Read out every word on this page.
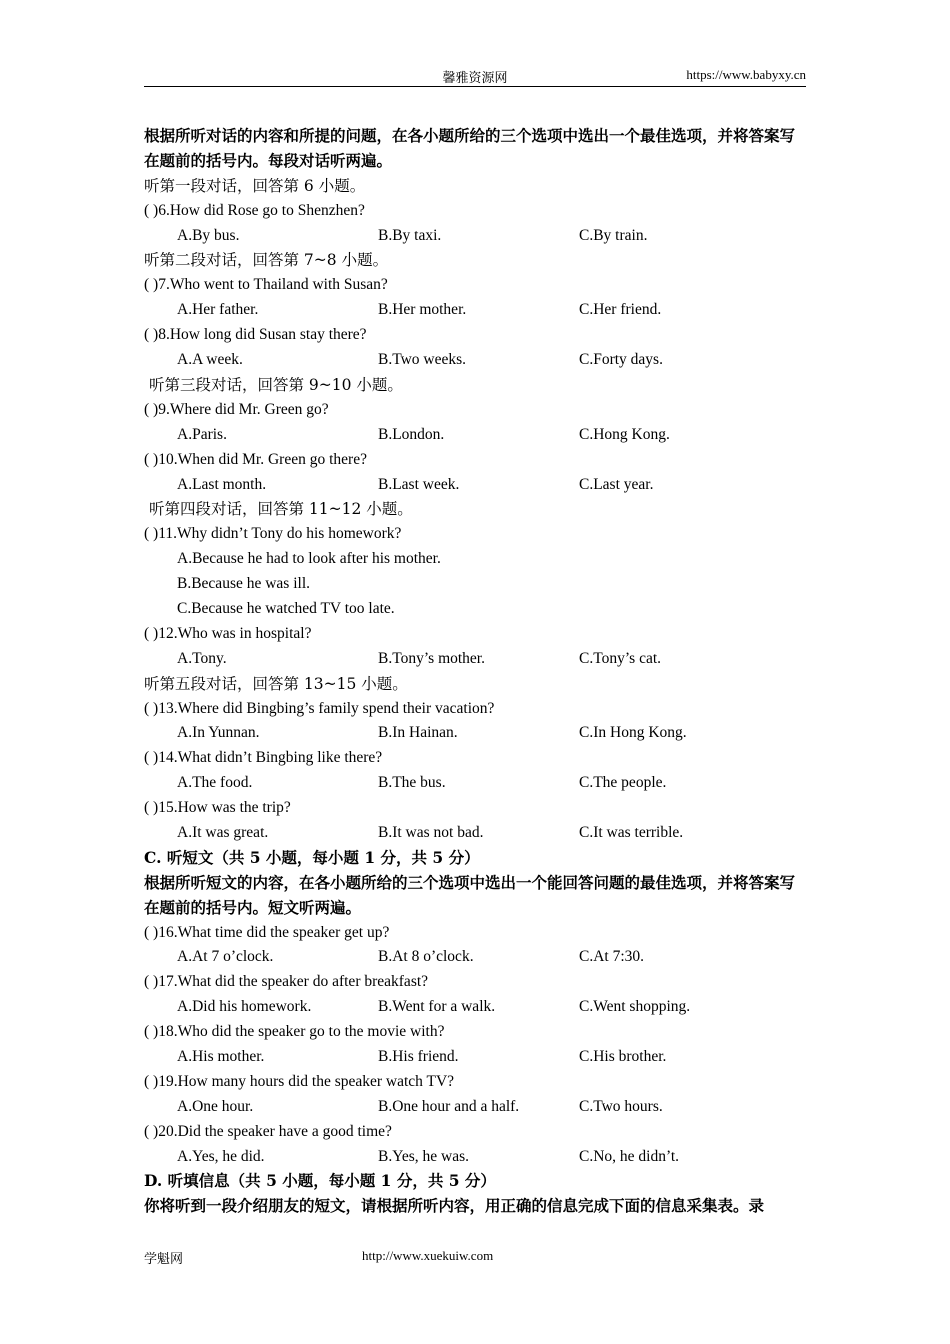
馨雅资源网	https://www.babyxy.cn
根据所听对话的内容和所提的问题，在各小题所给的三个选项中选出一个最佳选项，并将答案写在题前的括号内。每段对话听两遍。
听第一段对话，回答第 6 小题。
( )6.How did Rose go to Shenzhen?
A.By bus.	B.By taxi.	C.By train.
听第二段对话，回答第 7~8 小题。
( )7.Who went to Thailand with Susan?
A.Her father.	B.Her mother.	C.Her friend.
( )8.How long did Susan stay there?
A.A week.	B.Two weeks.	C.Forty days.
听第三段对话，回答第 9~10 小题。
( )9.Where did Mr. Green go?
A.Paris.	B.London.	C.Hong Kong.
( )10.When did Mr. Green go there?
A.Last month.	B.Last week.	C.Last year.
听第四段对话，回答第 11~12 小题。
( )11.Why didn’t Tony do his homework?
A.Because he had to look after his mother.
B.Because he was ill.
C.Because he watched TV too late.
( )12.Who was in hospital?
A.Tony.	B.Tony’s mother.	C.Tony’s cat.
听第五段对话，回答第 13~15 小题。
( )13.Where did Bingbing’s family spend their vacation?
A.In Yunnan.	B.In Hainan.	C.In Hong Kong.
( )14.What didn’t Bingbing like there?
A.The food.	B.The bus.	C.The people.
( )15.How was the trip?
A.It was great.	B.It was not bad.	C.It was terrible.
C. 听短文（共 5 小题，每小题 1 分，共 5 分）
根据所听短文的内容，在各小题所给的三个选项中选出一个能回答问题的最佳选项，并将答案写在题前的括号内。短文听两遍。
( )16.What time did the speaker get up?
A.At 7 o’clock.	B.At 8 o’clock.	C.At 7:30.
( )17.What did the speaker do after breakfast?
A.Did his homework.	B.Went for a walk.	C.Went shopping.
( )18.Who did the speaker go to the movie with?
A.His mother.	B.His friend.	C.His brother.
( )19.How many hours did the speaker watch TV?
A.One hour.	B.One hour and a half.	C.Two hours.
( )20.Did the speaker have a good time?
A.Yes, he did.	B.Yes, he was.	C.No, he didn’t.
D. 听填信息（共 5 小题，每小题 1 分，共 5 分）
你将听到一段介绍朋友的短文，请根据所听内容，用正确的信息完成下面的信息采集表。录
学魁网	http://www.xuekuiw.com
